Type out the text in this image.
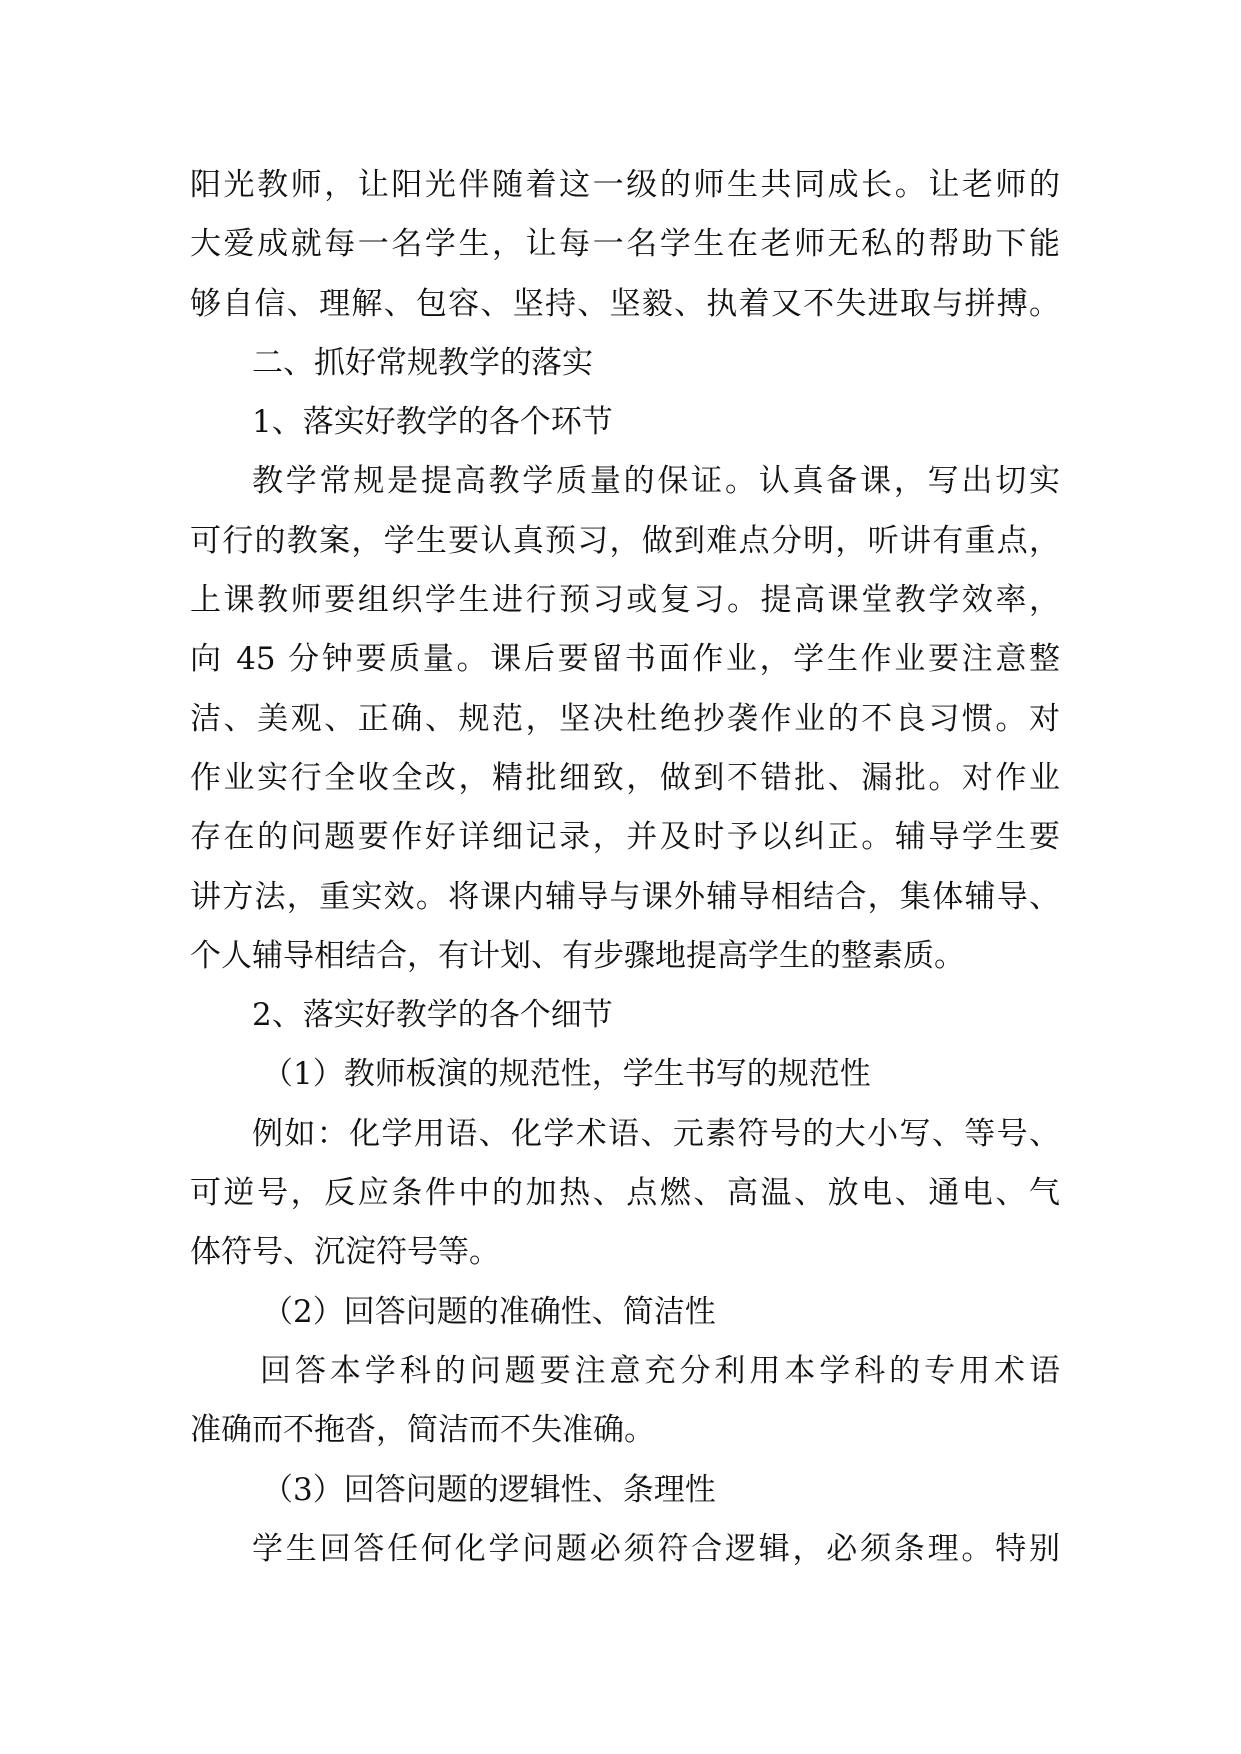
阳光教师，让阳光伴随着这一级的师生共同成长。让老师的
大爱成就每一名学生，让每一名学生在老师无私的帮助下能
够自信、理解、包容、坚持、坚毅、执着又不失进取与拼搏。
二、抓好常规教学的落实
1、落实好教学的各个环节
教学常规是提高教学质量的保证。认真备课，写出切实
可行的教案，学生要认真预习，做到难点分明，听讲有重点，
上课教师要组织学生进行预习或复习。提高课堂教学效率，
向 45 分钟要质量。课后要留书面作业，学生作业要注意整
洁、美观、正确、规范，坚决杜绝抄袭作业的不良习惯。对
作业实行全收全改，精批细致，做到不错批、漏批。对作业
存在的问题要作好详细记录，并及时予以纠正。辅导学生要
讲方法，重实效。将课内辅导与课外辅导相结合，集体辅导、
个人辅导相结合，有计划、有步骤地提高学生的整素质。
2、落实好教学的各个细节
（1）教师板演的规范性，学生书写的规范性
例如：化学用语、化学术语、元素符号的大小写、等号、
可逆号，反应条件中的加热、点燃、高温、放电、通电、气
体符号、沉淀符号等。
（2）回答问题的准确性、简洁性
回答本学科的问题要注意充分利用本学科的专用术语
准确而不拖沓，简洁而不失准确。
（3）回答问题的逻辑性、条理性
学生回答任何化学问题必须符合逻辑，必须条理。特别
